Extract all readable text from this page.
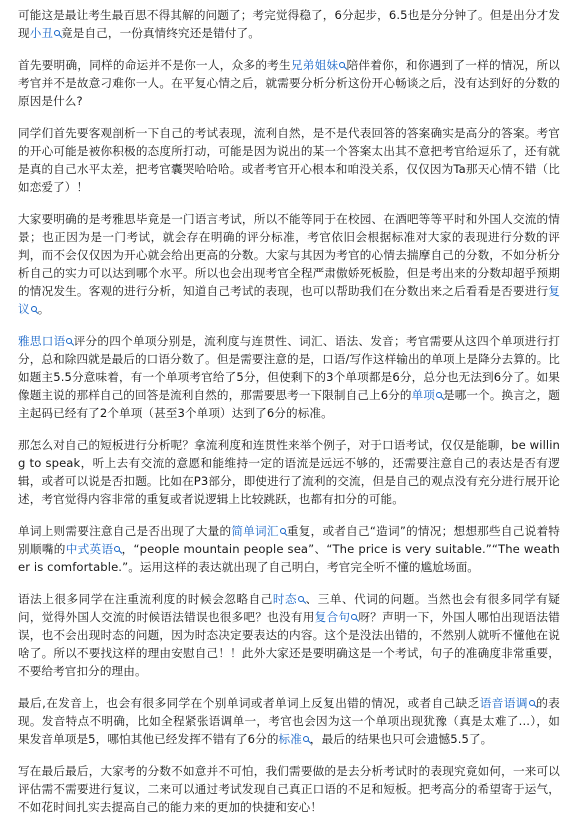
可能这是最让考生最百思不得其解的问题了；考完觉得稳了，6分起步，6.5也是分分钟了。但是出分才发现小丑 竟是自己，一份真情终究还是错付了。

首先要明确，同样的命运并不是你一人，众多的考生兄弟姐妹 陪伴着你，和你遇到了一样的情况，所以考官并不是故意刁难你一人。在平复心情之后，就需要分析分析这份开心畅谈之后，没有达到好的分数的原因是什么?

同学们首先要客观剖析一下自己的考试表现，流利自然，是不是代表回答的答案确实是高分的答案。考官的开心可能是被你积极的态度所打动，可能是因为说出的某一个答案太出其不意把考官给逗乐了，还有就是真的自己水平太差，把考官囊哭哈哈哈。或者考官开心根本和咱没关系，仅仅因为Ta那天心情不错（比如恋爱了）！

大家要明确的是考雅思毕竟是一门语言考试，所以不能等同于在校园、在酒吧等等平时和外国人交流的情景；也正因为是一门考试，就会存在明确的评分标准，考官依旧会根据标准对大家的表现进行分数的评判，而不会仅仅因为开心就会给出更高的分数。大家与其因为考官的心情去揣摩自己的分数，不如分析分析自己的实力可以达到哪个水平。所以也会出现考官全程严肃傲娇死板脸，但是考出来的分数却超乎预期的情况发生。客观的进行分析，知道自己考试的表现，也可以帮助我们在分数出来之后看看是否要进行复议 。

雅思口语 评分的四个单项分别是，流利度与连贯性、词汇、语法、发音；考官需要从这四个单项进行打分，总和除四就是最后的口语分数了。但是需要注意的是，口语/写作这样输出的单项上是降分去算的。比如题主5.5分意味着，有一个单项考官给了5分，但使剩下的3个单项都是6分，总分也无法到6分了。如果像题主说的那样自己的回答是流利自然的，那需要思考一下限制自己上6分的单项 是哪一个。换言之，题主起码已经有了2个单项（甚至3个单项）达到了6分的标准。

那怎么对自己的短板进行分析呢？拿流利度和连贯性来举个例子，对于口语考试，仅仅是能聊，be willing to speak，听上去有交流的意愿和能维持一定的语流是远远不够的，还需要注意自己的表达是否有逻辑，或者可以说是否扣题。比如在P3部分，即使进行了流利的交流，但是自己的观点没有充分进行展开论述，考官觉得内容非常的重复或者说逻辑上比较跳跃，也都有扣分的可能。

单词上则需要注意自己是否出现了大量的简单词汇 重复，或者自己“造词”的情况；想想那些自己说着特别顺嘴的中式英语 ，“people mountain people sea”、“The price is very suitable.”“The weather is comfortable.”。运用这样的表达就出现了自己明白，考官完全听不懂的尴尬场面。

语法上很多同学在注重流利度的时候会忽略自己时态 、三单、代词的问题。当然也会有很多同学有疑问，觉得外国人交流的时候语法错误也很多吧？也没有用复合句 呀？声明一下，外国人哪怕出现语法错误，也不会出现时态的问题，因为时态决定要表达的内容。这个是没法出错的，不然别人就听不懂他在说啥了。所以不要找这样的理由安慰自己！！此外大家还是要明确这是一个考试，句子的准确度非常重要，不要给考官扣分的理由。

最后,在发音上，也会有很多同学在个别单词或者单词上反复出错的情况，或者自己缺乏语音语调 的表现。发音特点不明确，比如全程紧张语调单一，考官也会因为这一个单项出现犹豫（真是太难了...），如果发音单项是5，哪怕其他已经发挥不错有了6分的标准 ，最后的结果也只可会遗憾5.5了。

写在最后最后，大家考的分数不如意并不可怕，我们需要做的是去分析考试时的表现究竟如何，一来可以评估需不需要进行复议，二来可以通过考试发现自己真正口语的不足和短板。把考高分的希望寄于运气，不如花时间扎实去提高自己的能力来的更加的快捷和安心！
